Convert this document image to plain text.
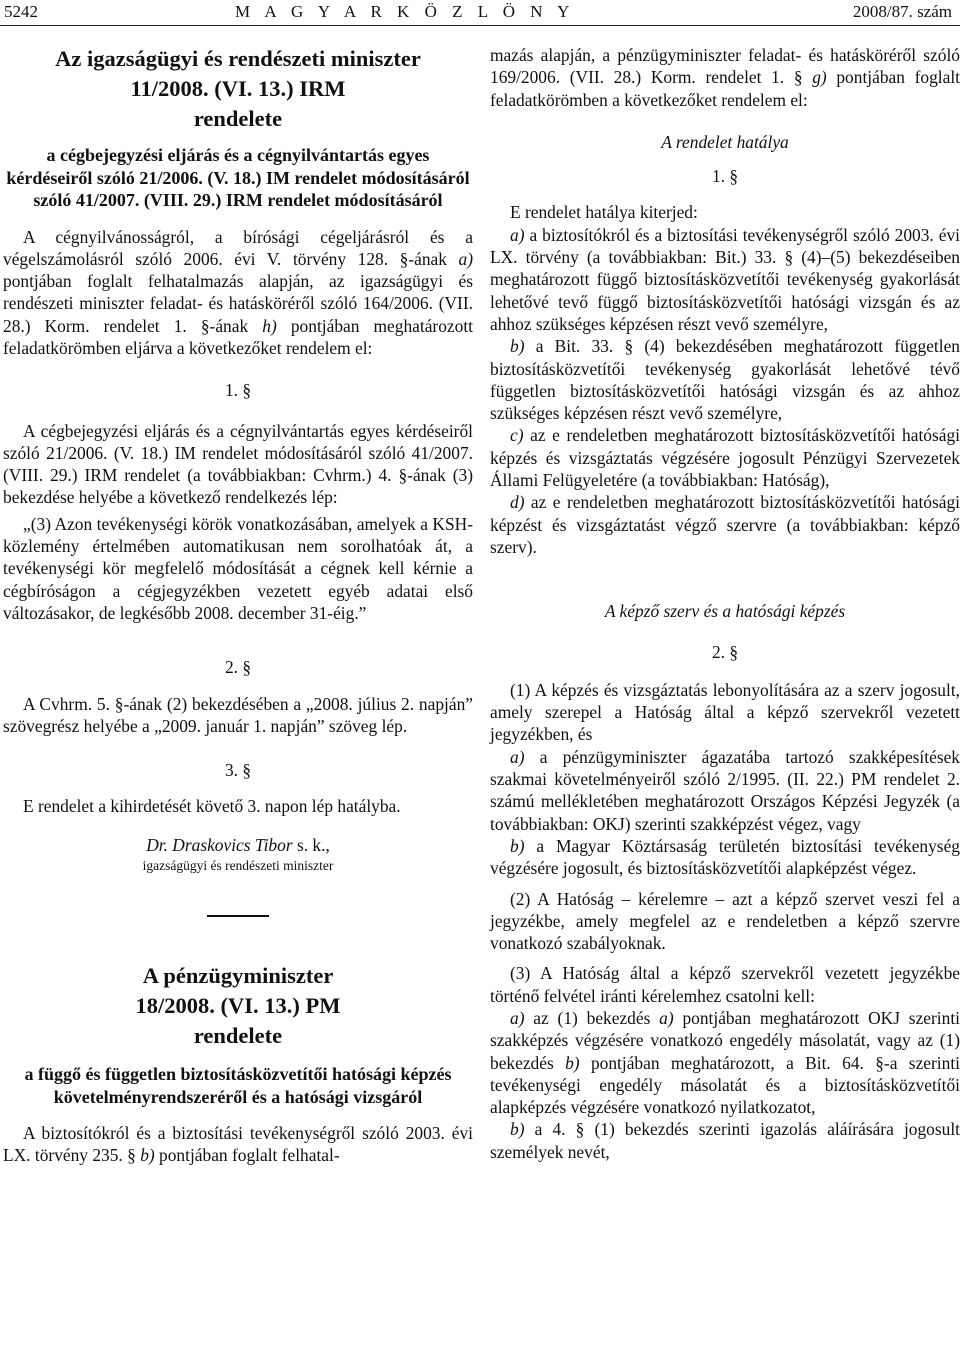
5242	M A G Y A R K Ö Z L Ö N Y	2008/87. szám

Az igazságügyi és rendészeti miniszter

11/2008. (VI. 13.) IRM

rendelete

a cégbejegyzési eljárás és a cégnyilvántartás egyes kérdéseiről szóló 21/2006. (V. 18.) IM rendelet módosításáról szóló 41/2007. (VIII. 29.) IRM rendelet módosításáról

A cégnyilvánosságról, a bírósági cégeljárásról és a végelszámolásról szóló 2006. évi V. törvény 128. §-ának a) pontjában foglalt felhatalmazás alapján, az igazságügyi és rendészeti miniszter feladat- és hatásköréről szóló 164/2006. (VII. 28.) Korm. rendelet 1. §-ának h) pontjában meghatározott feladatkörömben eljárva a következőket rendelem el:

1. §

A cégbejegyzési eljárás és a cégnyilvántartás egyes kérdéseiről szóló 21/2006. (V. 18.) IM rendelet módosításáról szóló 41/2007. (VIII. 29.) IRM rendelet (a továbbiakban: Cvhrm.) 4. §-ának (3) bekezdése helyébe a következő rendelkezés lép:

„(3) Azon tevékenységi körök vonatkozásában, amelyek a KSH-közlemény értelmében automatikusan nem sorolhatóak át, a tevékenységi kör megfelelő módosítását a cégnek kell kérnie a cégbíróságon a cégjegyzékben vezetett egyéb adatai első változásakor, de legkésőbb 2008. december 31-éig.”

2. §

A Cvhrm. 5. §-ának (2) bekezdésében a „2008. július 2. napján” szövegrész helyébe a „2009. január 1. napján” szöveg lép.

3. §

E rendelet a kihirdetését követő 3. napon lép hatályba.

Dr. Draskovics Tibor s. k.,

igazságügyi és rendészeti miniszter

A pénzügyminiszter

18/2008. (VI. 13.) PM

rendelete

a függő és független biztosításközvetítői hatósági képzés követelményrendszeréről és a hatósági vizsgáról

A biztosítókról és a biztosítási tevékenységről szóló 2003. évi LX. törvény 235. § b) pontjában foglalt felhatal-

mazás alapján, a pénzügyminiszter feladat- és hatásköréről szóló 169/2006. (VII. 28.) Korm. rendelet 1. § g) pontjában foglalt feladatkörömben a következőket rendelem el:

A rendelet hatálya

1. §

E rendelet hatálya kiterjed:

a) a biztosítókról és a biztosítási tevékenységről szóló 2003. évi LX. törvény (a továbbiakban: Bit.) 33. § (4)–(5) bekezdéseiben meghatározott függő biztosításközvetítői tevékenység gyakorlását lehetővé tevő függő biztosításközvetítői hatósági vizsgán és az ahhoz szükséges képzésen részt vevő személyre,

b) a Bit. 33. § (4) bekezdésében meghatározott független biztosításközvetítői tevékenység gyakorlását lehetővé tévő független biztosításközvetítői hatósági vizsgán és az ahhoz szükséges képzésen részt vevő személyre,

c) az e rendeletben meghatározott biztosításközvetítői hatósági képzés és vizsgáztatás végzésére jogosult Pénzügyi Szervezetek Állami Felügyeletére (a továbbiakban: Hatóság),

d) az e rendeletben meghatározott biztosításközvetítői hatósági képzést és vizsgáztatást végző szervre (a továbbiakban: képző szerv).

A képző szerv és a hatósági képzés

2. §

(1) A képzés és vizsgáztatás lebonyolítására az a szerv jogosult, amely szerepel a Hatóság által a képző szervekről vezetett jegyzékben, és

a) a pénzügyminiszter ágazatába tartozó szakképesítések szakmai követelményeiről szóló 2/1995. (II. 22.) PM rendelet 2. számú mellékletében meghatározott Országos Képzési Jegyzék (a továbbiakban: OKJ) szerinti szakképzést végez, vagy

b) a Magyar Köztársaság területén biztosítási tevékenység végzésére jogosult, és biztosításközvetítői alapképzést végez.

(2) A Hatóság – kérelemre – azt a képző szervet veszi fel a jegyzékbe, amely megfelel az e rendeletben a képző szervre vonatkozó szabályoknak.

(3) A Hatóság által a képző szervekről vezetett jegyzékbe történő felvétel iránti kérelemhez csatolni kell:

a) az (1) bekezdés a) pontjában meghatározott OKJ szerinti szakképzés végzésére vonatkozó engedély másolatát, vagy az (1) bekezdés b) pontjában meghatározott, a Bit. 64. §-a szerinti tevékenységi engedély másolatát és a biztosításközvetítői alapképzés végzésére vonatkozó nyilatkozatot,

b) a 4. § (1) bekezdés szerinti igazolás aláírására jogosult személyek nevét,
